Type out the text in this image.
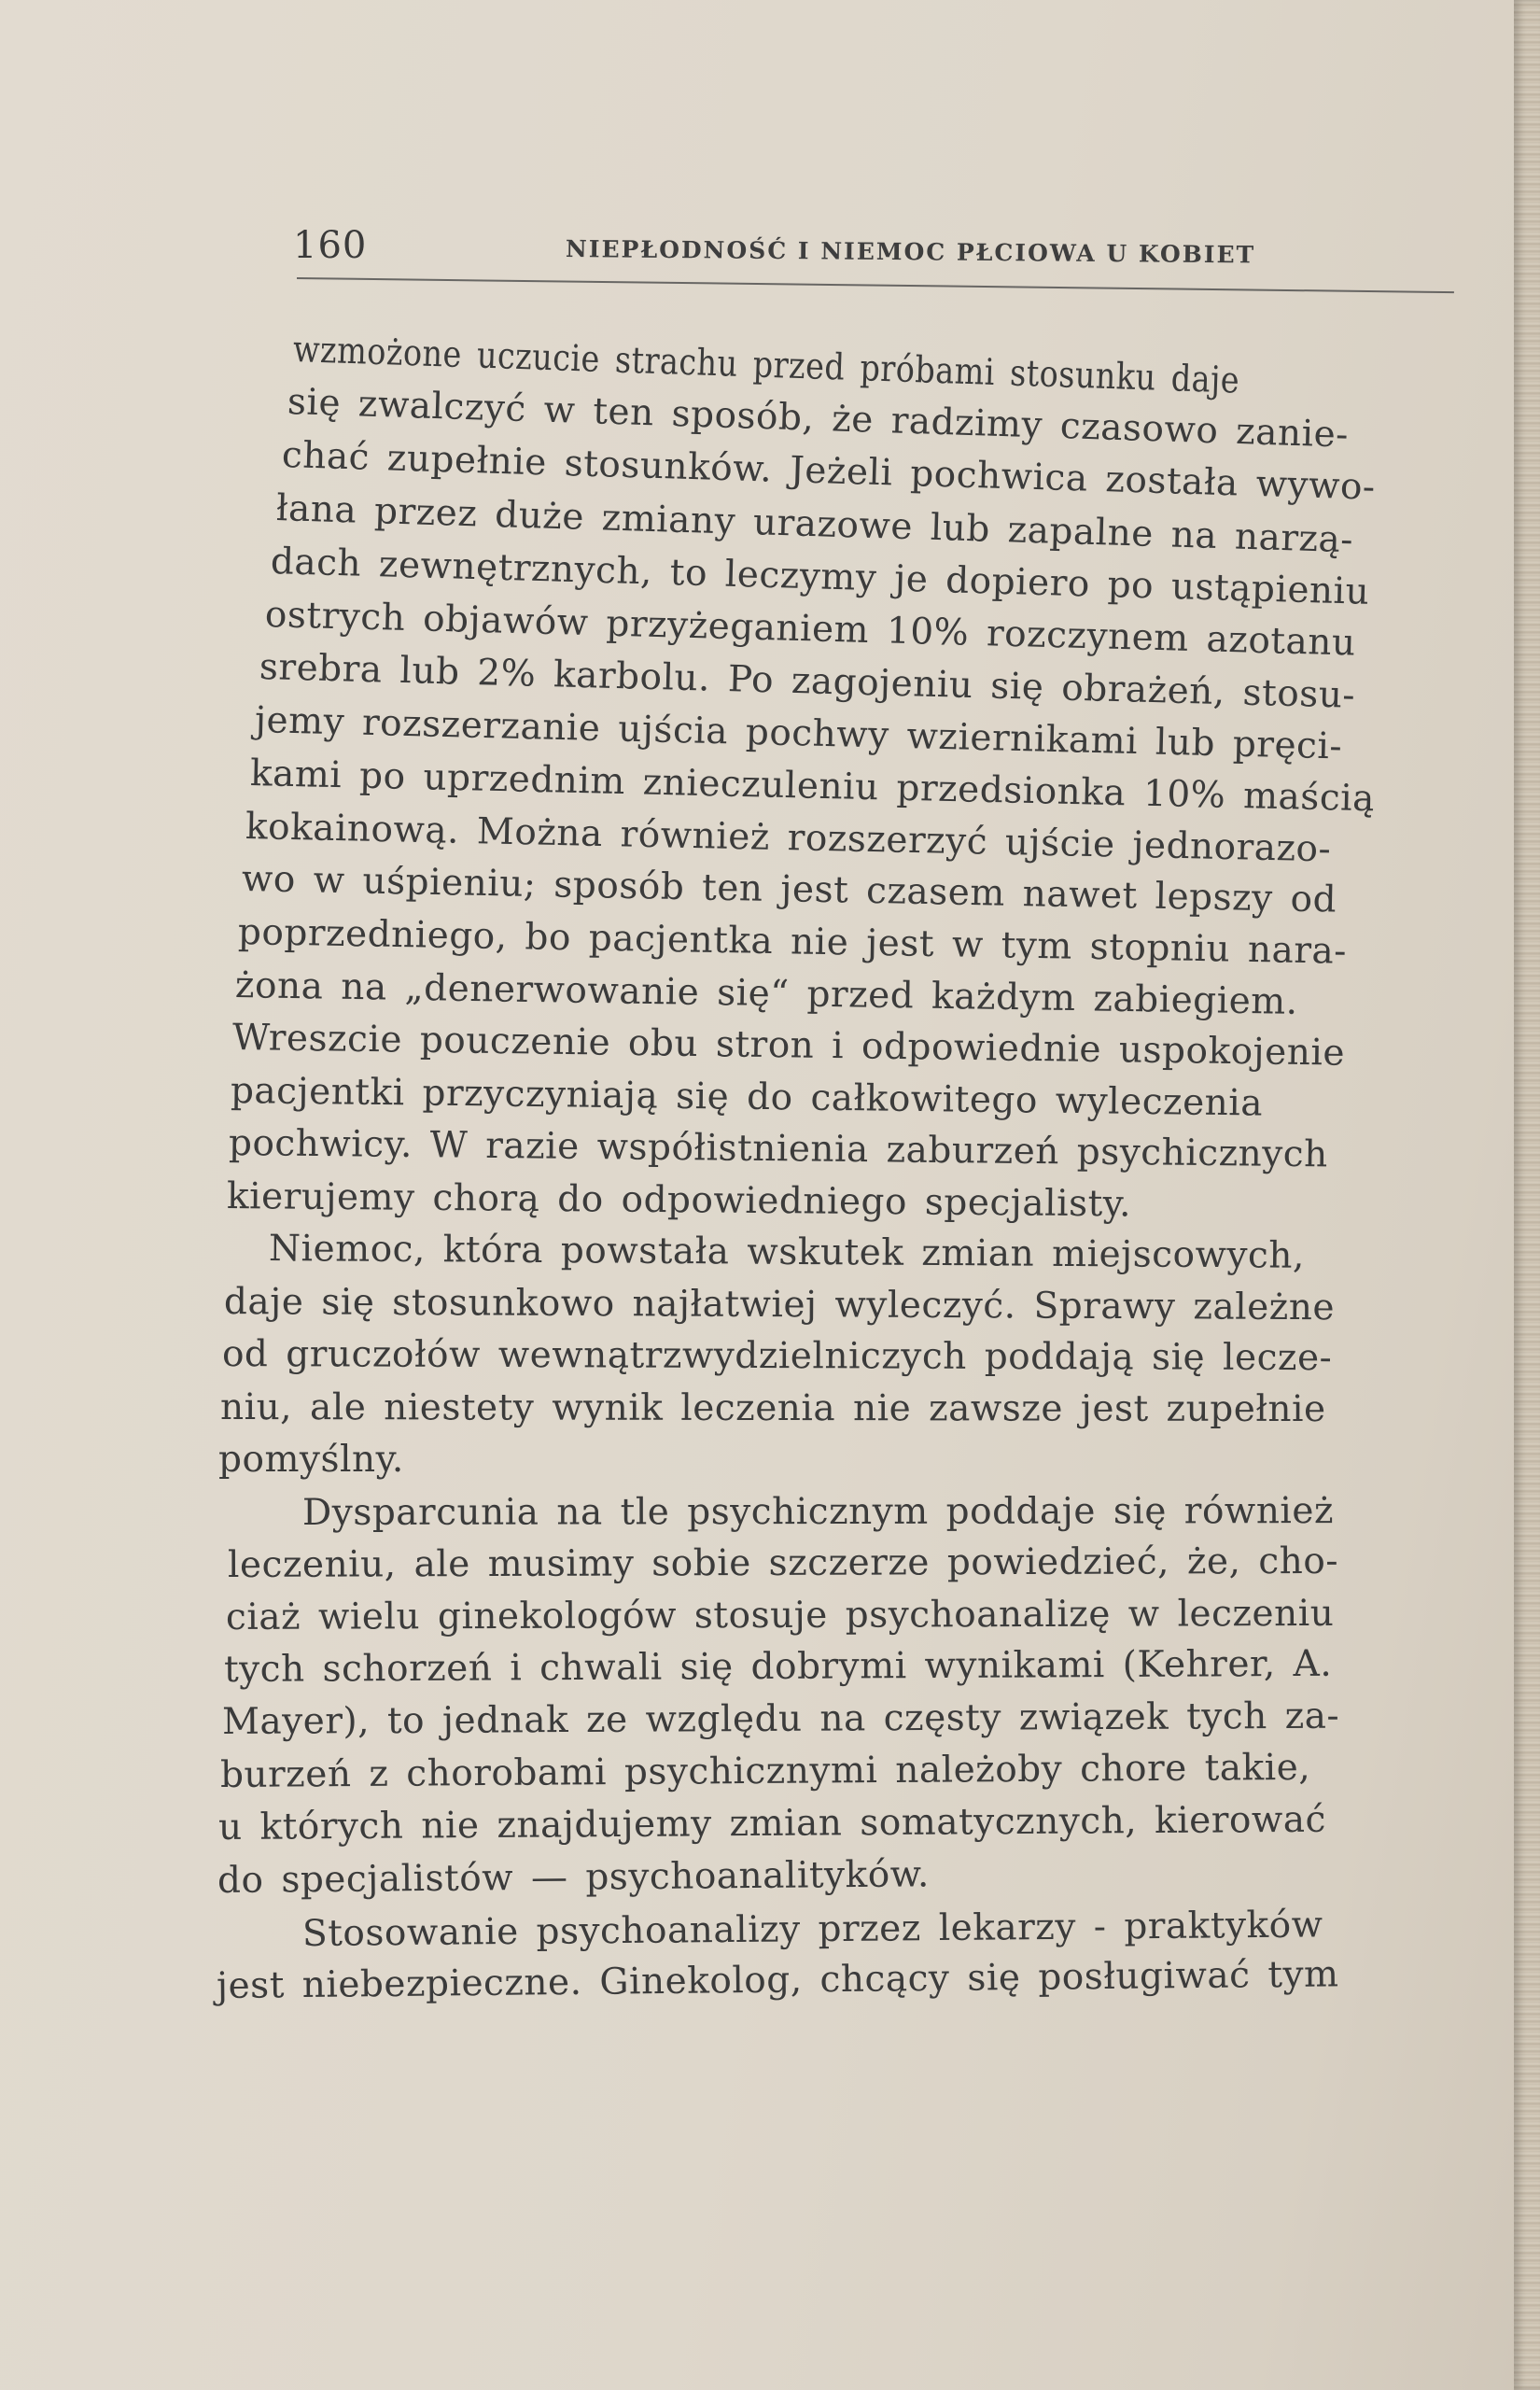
160	NIEPŁODNOŚĆ I NIEMOC PŁCIOWA U KOBIET
wzmożone uczucie strachu przed próbami stosunku daje
się zwalczyć w ten sposób, że radzimy czasowo zanie-
chać zupełnie stosunków. Jeżeli pochwica została wywo-
łana przez duże zmiany urazowe lub zapalne na narzą-
dach zewnętrznych, to leczymy je dopiero po ustąpieniu
ostrych objawów przyżeganiem 10% rozczynem azotanu
srebra lub 2% karbolu. Po zagojeniu się obrażeń, stosu-
jemy rozszerzanie ujścia pochwy wziernikami lub pręci-
kami po uprzednim znieczuleniu przedsionka 10% maścią
kokainową. Można również rozszerzyć ujście jednorazo-
wo w uśpieniu; sposób ten jest czasem nawet lepszy od
poprzedniego, bo pacjentka nie jest w tym stopniu nara-
żona na „denerwowanie się“ przed każdym zabiegiem.
Wreszcie pouczenie obu stron i odpowiednie uspokojenie
pacjentki przyczyniają się do całkowitego wyleczenia
pochwicy. W razie współistnienia zaburzeń psychicznych
kierujemy chorą do odpowiedniego specjalisty.
Niemoc, która powstała wskutek zmian miejscowych,
daje się stosunkowo najłatwiej wyleczyć. Sprawy zależne
od gruczołów wewnątrzwydzielniczych poddają się lecze-
niu, ale niestety wynik leczenia nie zawsze jest zupełnie
pomyślny.
Dysparcunia na tle psychicznym poddaje się również
leczeniu, ale musimy sobie szczerze powiedzieć, że, cho-
ciaż wielu ginekologów stosuje psychoanalizę w leczeniu
tych schorzeń i chwali się dobrymi wynikami (Kehrer, A.
Mayer), to jednak ze względu na częsty związek tych za-
burzeń z chorobami psychicznymi należoby chore takie,
u których nie znajdujemy zmian somatycznych, kierować
do specjalistów — psychoanalityków.
Stosowanie psychoanalizy przez lekarzy - praktyków
jest niebezpieczne. Ginekolog, chcący się posługiwać tym
